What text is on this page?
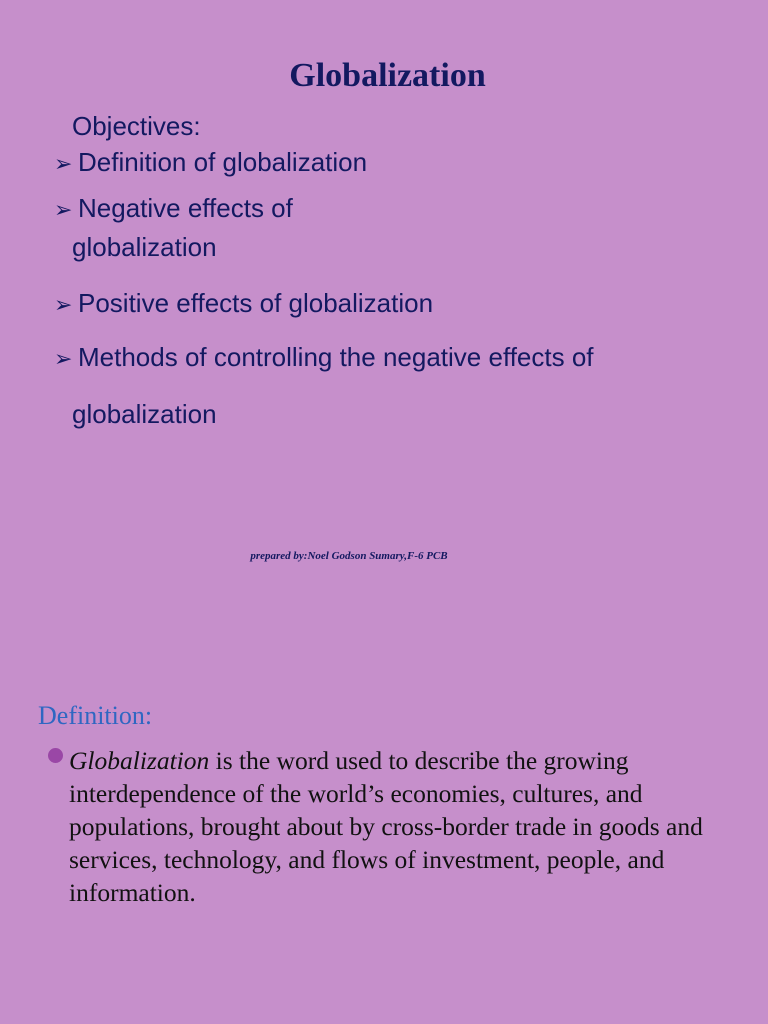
Globalization
Objectives:
➢ Definition of globalization
➢ Negative effects of
globalization
➢ Positive effects of globalization
➢ Methods of controlling the negative effects of
globalization
prepared by:Noel Godson Sumary,F-6 PCB
Definition:
Globalization is the word used to describe the growing interdependence of the world’s economies, cultures, and populations, brought about by cross-border trade in goods and services, technology, and flows of investment, people, and information.
